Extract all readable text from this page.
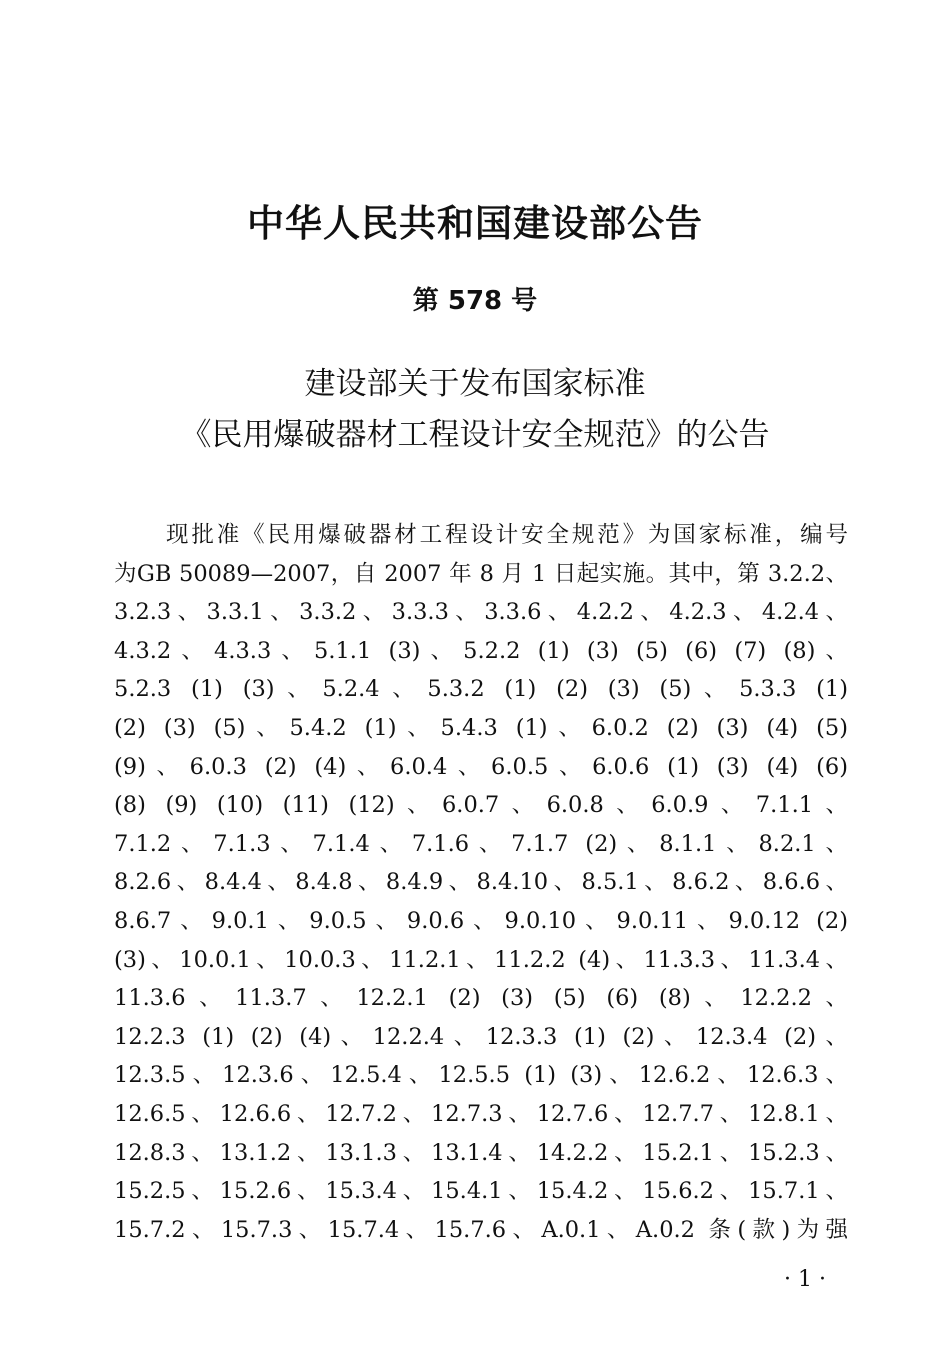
中华人民共和国建设部公告
第 578 号
建设部关于发布国家标准
《民用爆破器材工程设计安全规范》的公告
现批准《民用爆破器材工程设计安全规范》为国家标准，编号
为GB 50089—2007，自 2007 年 8 月 1 日起实施。其中，第 3.2.2、
3.2.3、3.3.1、3.3.2、3.3.3、3.3.6、4.2.2、4.2.3、4.2.4、
4.3.2、4.3.3、5.1.1 (3)、5.2.2 (1) (3) (5) (6) (7) (8)、
5.2.3 (1) (3)、5.2.4、5.3.2 (1) (2) (3) (5)、5.3.3 (1)
(2) (3) (5)、5.4.2 (1)、5.4.3 (1)、6.0.2 (2) (3) (4) (5)
(9)、6.0.3 (2) (4)、6.0.4、6.0.5、6.0.6 (1) (3) (4) (6)
(8) (9) (10) (11) (12)、6.0.7、6.0.8、6.0.9、7.1.1、
7.1.2、7.1.3、7.1.4、7.1.6、7.1.7 (2)、8.1.1、8.2.1、
8.2.6、8.4.4、8.4.8、8.4.9、8.4.10、8.5.1、8.6.2、8.6.6、
8.6.7、9.0.1、9.0.5、9.0.6、9.0.10、9.0.11、9.0.12 (2)
(3)、10.0.1、10.0.3、11.2.1、11.2.2 (4)、11.3.3、11.3.4、
11.3.6、11.3.7、12.2.1 (2) (3) (5) (6) (8)、12.2.2、
12.2.3 (1) (2) (4)、12.2.4、12.3.3 (1) (2)、12.3.4 (2)、
12.3.5、12.3.6、12.5.4、12.5.5 (1) (3)、12.6.2、12.6.3、
12.6.5、12.6.6、12.7.2、12.7.3、12.7.6、12.7.7、12.8.1、
12.8.3、13.1.2、13.1.3、13.1.4、14.2.2、15.2.1、15.2.3、
15.2.5、15.2.6、15.3.4、15.4.1、15.4.2、15.6.2、15.7.1、
15.7.2、15.7.3、15.7.4、15.7.6、A.0.1、A.0.2 条(款)为强
· 1 ·
